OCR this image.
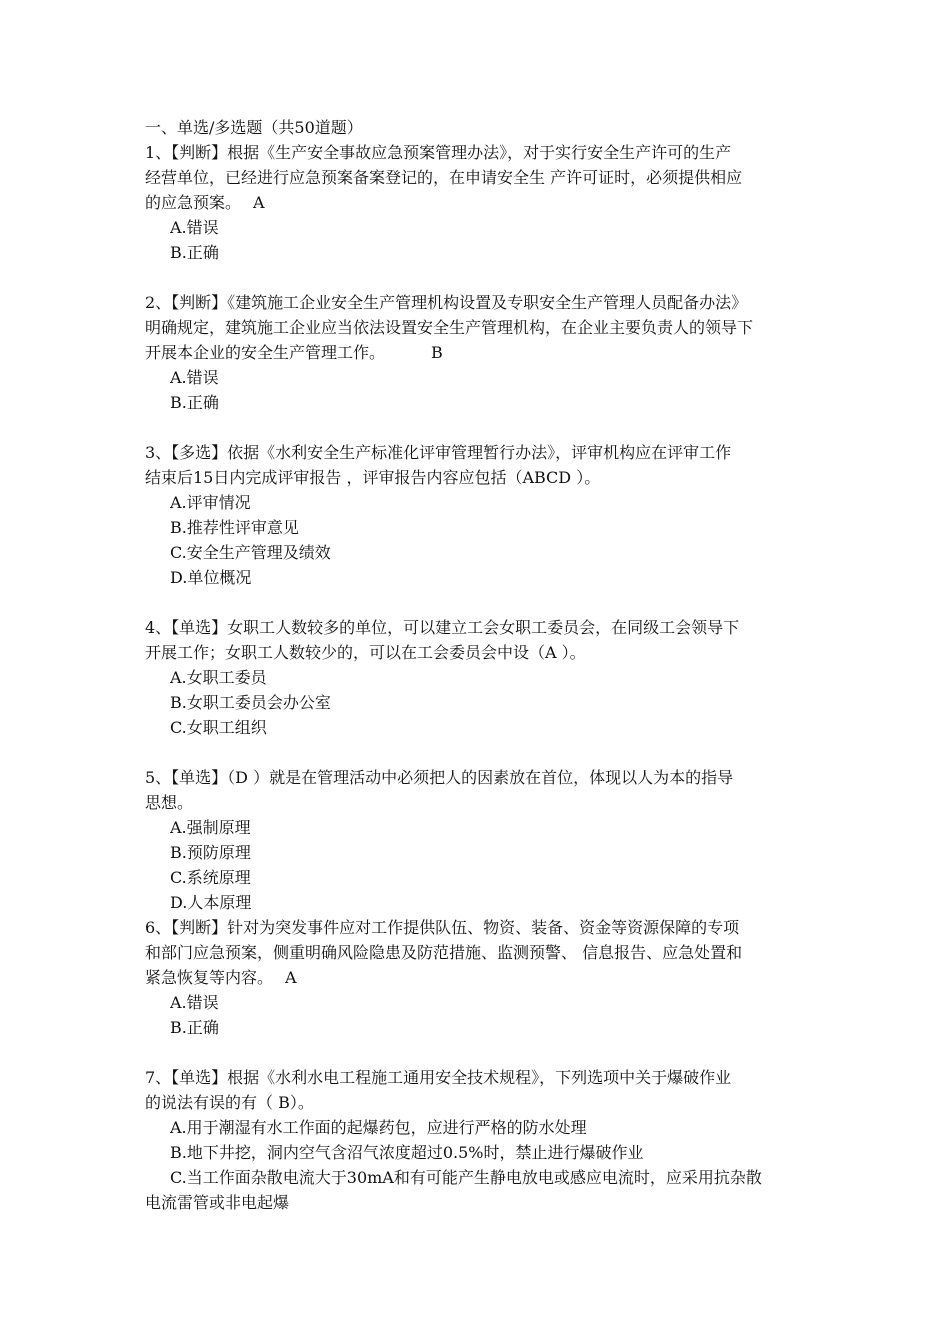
一、单选/多选题（共50道题）
1、【判断】根据《生产安全事故应急预案管理办法》，对于实行安全生产许可的生产
经营单位，已经进行应急预案备案登记的，在申请安全生 产许可证时，必须提供相应
的应急预案。 A
A.错误
B.正确
2、【判断】《建筑施工企业安全生产管理机构设置及专职安全生产管理人员配备办法》
明确规定，建筑施工企业应当依法设置安全生产管理机构，在企业主要负责人的领导下
开展本企业的安全生产管理工作。	B
A.错误
B.正确
3、【多选】依据《水利安全生产标准化评审管理暂行办法》，评审机构应在评审工作
结束后15日内完成评审报告 ，评审报告内容应包括（ABCD ）。
A.评审情况
B.推荐性评审意见
C.安全生产管理及绩效
D.单位概况
4、【单选】女职工人数较多的单位，可以建立工会女职工委员会，在同级工会领导下
开展工作；女职工人数较少的，可以在工会委员会中设（A ）。
A.女职工委员
B.女职工委员会办公室
C.女职工组织
5、【单选】（D ）就是在管理活动中必须把人的因素放在首位，体现以人为本的指导
思想。
A.强制原理
B.预防原理
C.系统原理
D.人本原理
6、【判断】针对为突发事件应对工作提供队伍、物资、装备、资金等资源保障的专项
和部门应急预案，侧重明确风险隐患及防范措施、监测预警、 信息报告、应急处置和
紧急恢复等内容。 A
A.错误
B.正确
7、【单选】根据《水利水电工程施工通用安全技术规程》，下列选项中关于爆破作业
的说法有误的有（ B）。
A.用于潮湿有水工作面的起爆药包，应进行严格的防水处理
B.地下井挖，洞内空气含沼气浓度超过0.5%时，禁止进行爆破作业
C.当工作面杂散电流大于30mA和有可能产生静电放电或感应电流时，应采用抗杂散
电流雷管或非电起爆
